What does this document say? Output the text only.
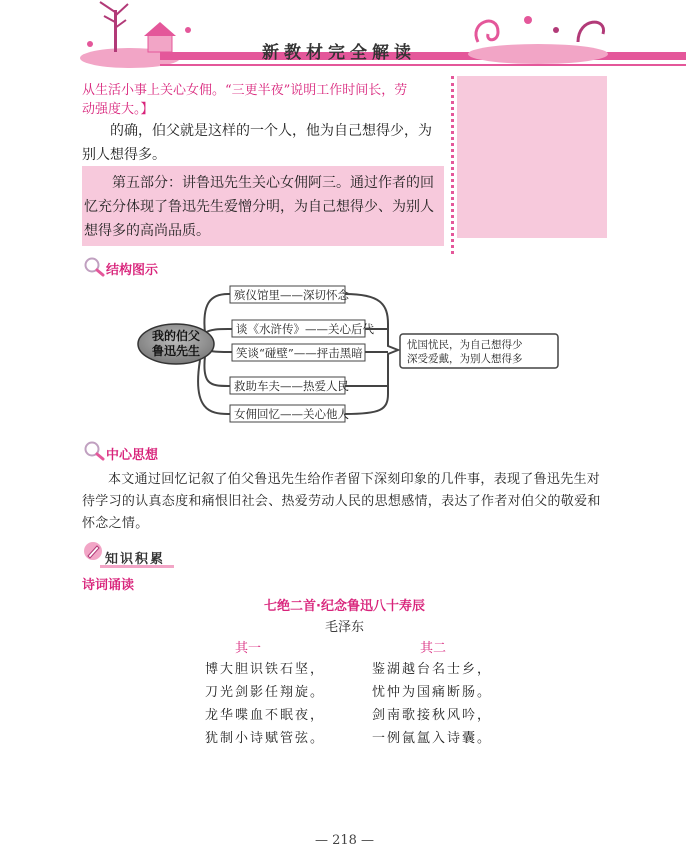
新教材完全解读
从生活小事上关心女佣。“三更半夜”说明工作时间长，劳
动强度大。】
的确，伯父就是这样的一个人，他为自己想得少，为别人想得多。
第五部分：讲鲁迅先生关心女佣阿三。通过作者的回忆充分体现了鲁迅先生爱憎分明，为自己想得少、为别人想得多的高尚品质。
结构图示
我的伯父
鲁迅先生
殡仪馆里——深切怀念
谈《水浒传》——关心后代
笑谈“碰壁”——抨击黑暗
救助车夫——热爱人民
女佣回忆——关心他人
忧国忧民，为自己想得少
深受爱戴，为别人想得多
中心思想
本文通过回忆记叙了伯父鲁迅先生给作者留下深刻印象的几件事，表现了鲁迅先生对待学习的认真态度和痛恨旧社会、热爱劳动人民的思想感情，表达了作者对伯父的敬爱和怀念之情。
知识积累
诗词诵读
七绝二首·纪念鲁迅八十寿辰
毛泽东
其一
博大胆识铁石坚，
刀光剑影任翔旋。
龙华喋血不眠夜，
犹制小诗赋管弦。
其二
鉴湖越台名士乡，
忧忡为国痛断肠。
剑南歌接秋风吟，
一例氤氲入诗囊。
— 218 —
